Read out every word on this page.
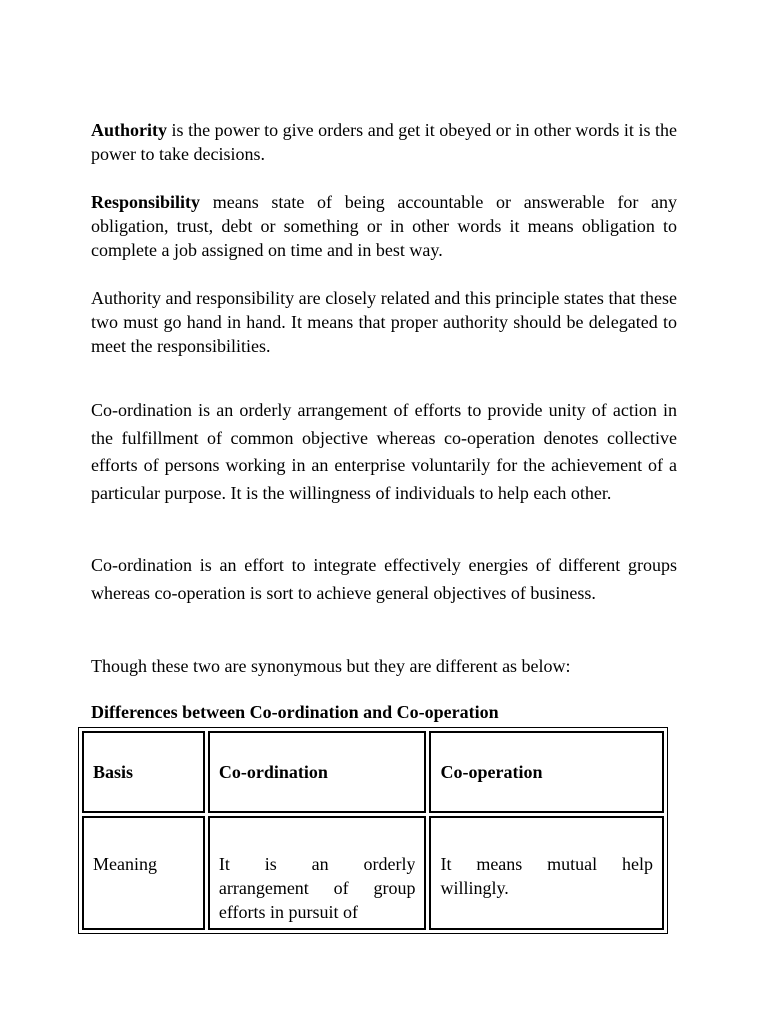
Authority is the power to give orders and get it obeyed or in other words it is the power to take decisions.

Responsibility means state of being accountable or answerable for any obligation, trust, debt or something or in other words it means obligation to complete a job assigned on time and in best way.

Authority and responsibility are closely related and this principle states that these two must go hand in hand. It means that proper authority should be delegated to meet the responsibilities.

Co-ordination is an orderly arrangement of efforts to provide unity of action in the fulfillment of common objective whereas co-operation denotes collective efforts of persons working in an enterprise voluntarily for the achievement of a particular purpose. It is the willingness of individuals to help each other.

Co-ordination is an effort to integrate effectively energies of different groups whereas co-operation is sort to achieve general objectives of business.

Though these two are synonymous but they are different as below:

Differences between Co-ordination and Co-operation

Basis	Co-ordination	Co-operation

Meaning	It is an orderly arrangement of group efforts in pursuit of	It means mutual help willingly.
